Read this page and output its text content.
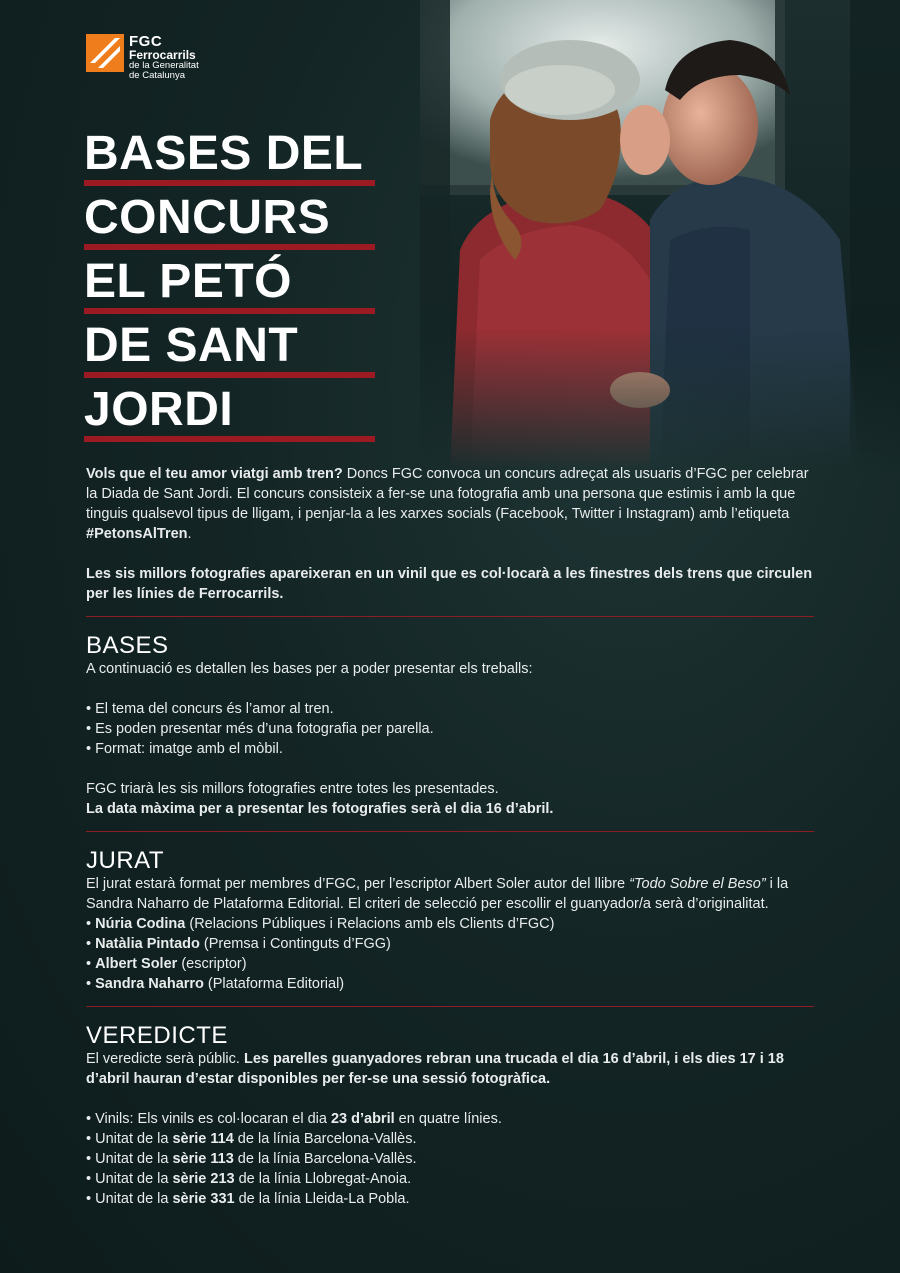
FGC
Ferrocarrils
de la Generalitat
de Catalunya
BASES DEL
CONCURS
EL PETÓ
DE SANT
JORDI

Vols que el teu amor viatgi amb tren? Doncs FGC convoca un concurs adreçat als usuaris d’FGC per celebrar la Diada de Sant Jordi. El concurs consisteix a fer-se una fotografia amb una persona que estimis i amb la que tinguis qualsevol tipus de lligam, i penjar-la a les xarxes socials (Facebook, Twitter i Instagram) amb l’etiqueta #PetonsAlTren.

Les sis millors fotografies apareixeran en un vinil que es col·locarà a les finestres dels trens que circulen per les línies de Ferrocarrils.

BASES

A continuació es detallen les bases per a poder presentar els treballs:

• El tema del concurs és l’amor al tren.

• Es poden presentar més d’una fotografia per parella.

• Format: imatge amb el mòbil.

FGC triarà les sis millors fotografies entre totes les presentades.

La data màxima per a presentar les fotografies serà el dia 16 d’abril.

JURAT

El jurat estarà format per membres d’FGC, per l’escriptor Albert Soler autor del llibre “Todo Sobre el Beso” i la Sandra Naharro de Plataforma Editorial. El criteri de selecció per escollir el guanyador/a serà d’originalitat.

• Núria Codina (Relacions Públiques i Relacions amb els Clients d’FGC)

• Natàlia Pintado (Premsa i Continguts d’FGG)

• Albert Soler (escriptor)

• Sandra Naharro (Plataforma Editorial)

VEREDICTE

El veredicte serà públic. Les parelles guanyadores rebran una trucada el dia 16 d’abril, i els dies 17 i 18 d’abril hauran d’estar disponibles per fer-se una sessió fotogràfica.

• Vinils: Els vinils es col·locaran el dia 23 d’abril en quatre línies.

• Unitat de la sèrie 114 de la línia Barcelona-Vallès.

• Unitat de la sèrie 113 de la línia Barcelona-Vallès.

• Unitat de la sèrie 213 de la línia Llobregat-Anoia.

• Unitat de la sèrie 331 de la línia Lleida-La Pobla.
